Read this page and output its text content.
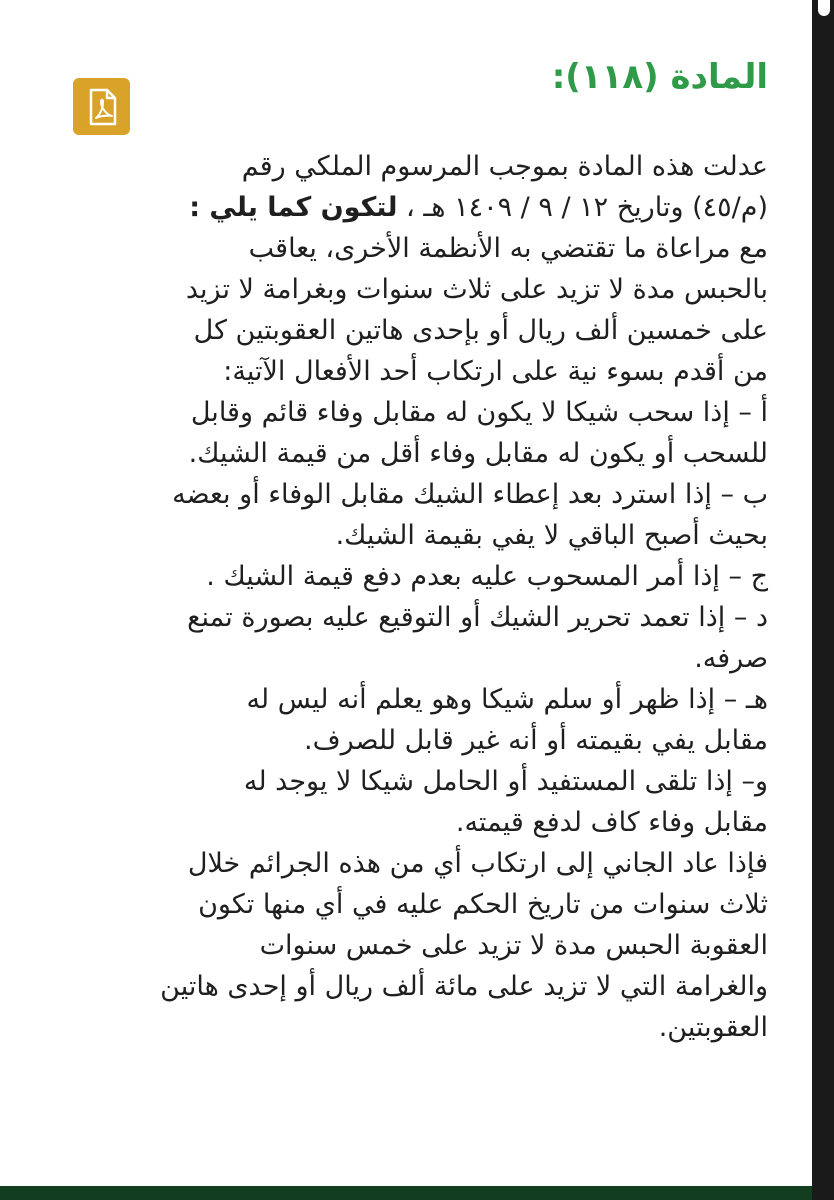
المادة (١١٨):
عدلت هذه المادة بموجب المرسوم الملكي رقم
(م/٤٥) وتاريخ ١٢ / ٩ / ١٤٠٩ هـ ، لتكون كما يلي :
مع مراعاة ما تقتضي به الأنظمة الأخرى، يعاقب
بالحبس مدة لا تزيد على ثلاث سنوات وبغرامة لا تزيد
على خمسين ألف ريال أو بإحدى هاتين العقوبتين كل
من أقدم بسوء نية على ارتكاب أحد الأفعال الآتية:
أ – إذا سحب شيكا لا يكون له مقابل وفاء قائم وقابل
للسحب أو يكون له مقابل وفاء أقل من قيمة الشيك.
ب – إذا استرد بعد إعطاء الشيك مقابل الوفاء أو بعضه
بحيث أصبح الباقي لا يفي بقيمة الشيك.
ج – إذا أمر المسحوب عليه بعدم دفع قيمة الشيك .
د – إذا تعمد تحرير الشيك أو التوقيع عليه بصورة تمنع
صرفه.
هـ – إذا ظهر أو سلم شيكا وهو يعلم أنه ليس له
مقابل يفي بقيمته أو أنه غير قابل للصرف.
و– إذا تلقى المستفيد أو الحامل شيكا لا يوجد له
مقابل وفاء كاف لدفع قيمته.
فإذا عاد الجاني إلى ارتكاب أي من هذه الجرائم خلال
ثلاث سنوات من تاريخ الحكم عليه في أي منها تكون
العقوبة الحبس مدة لا تزيد على خمس سنوات
والغرامة التي لا تزيد على مائة ألف ريال أو إحدى هاتين
العقوبتين.
